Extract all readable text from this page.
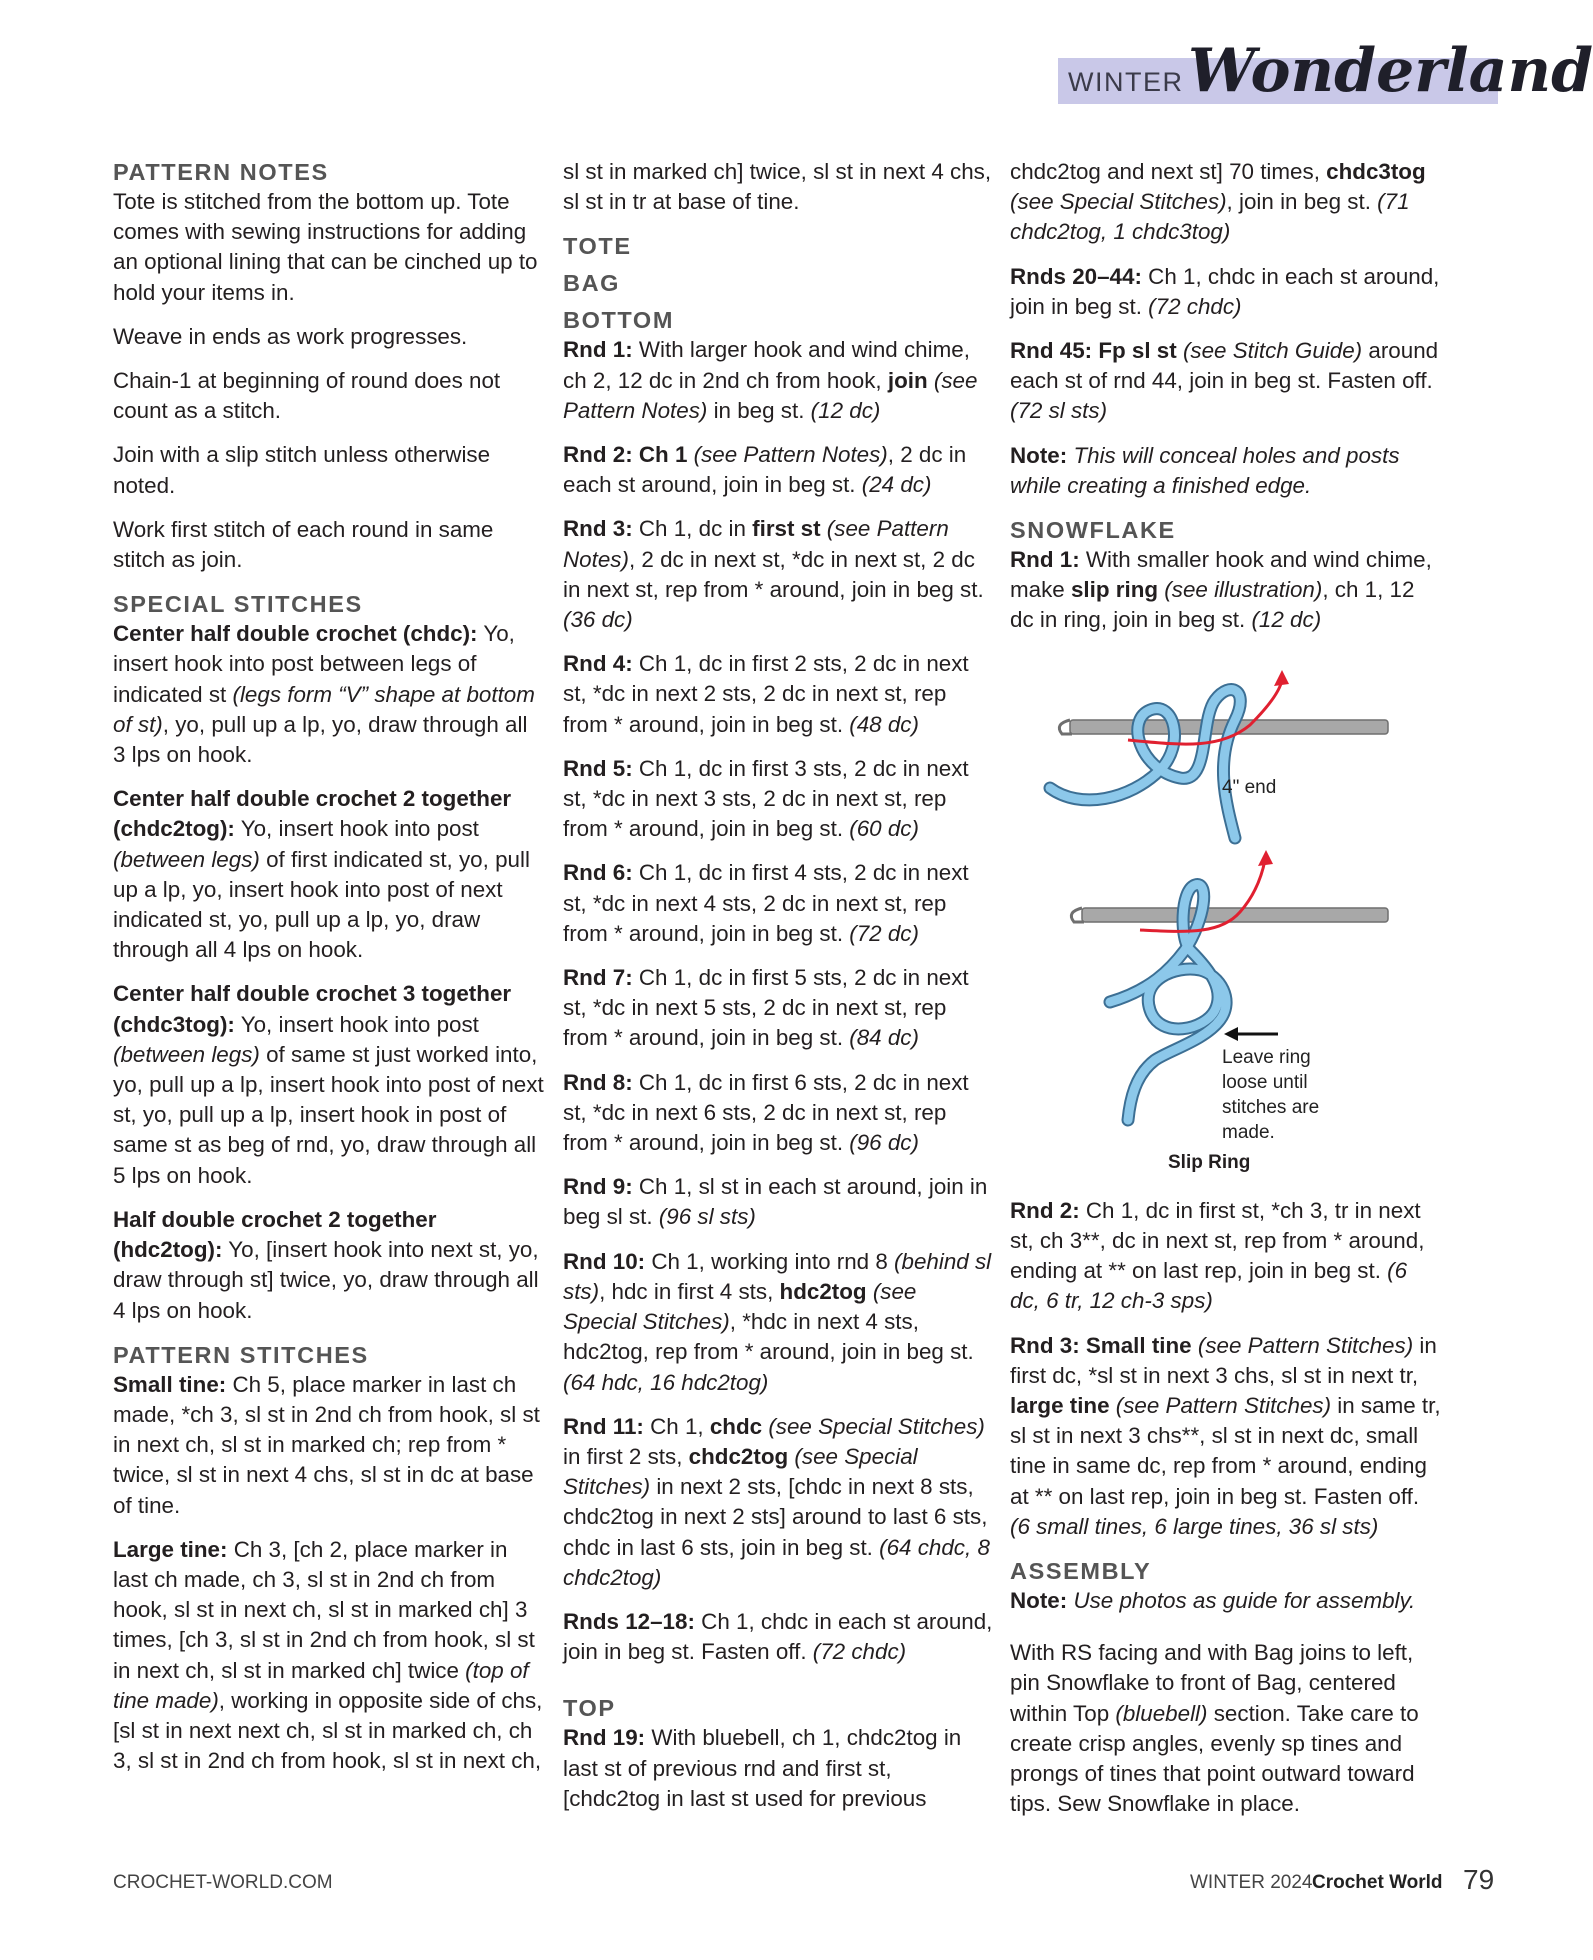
WINTER Wonderland
PATTERN NOTES

Tote is stitched from the bottom up. Tote comes with sewing instructions for adding an optional lining that can be cinched up to hold your items in.

Weave in ends as work progresses.

Chain-1 at beginning of round does not count as a stitch.

Join with a slip stitch unless otherwise noted.

Work first stitch of each round in same stitch as join.

SPECIAL STITCHES

Center half double crochet (chdc): Yo, insert hook into post between legs of indicated st (legs form “V” shape at bottom of st), yo, pull up a lp, yo, draw through all 3 lps on hook.

Center half double crochet 2 together (chdc2tog): Yo, insert hook into post (between legs) of first indicated st, yo, pull up a lp, yo, insert hook into post of next indicated st, yo, pull up a lp, yo, draw through all 4 lps on hook.

Center half double crochet 3 together (chdc3tog): Yo, insert hook into post (between legs) of same st just worked into, yo, pull up a lp, insert hook into post of next st, yo, pull up a lp, insert hook in post of same st as beg of rnd, yo, draw through all 5 lps on hook.

Half double crochet 2 together (hdc2tog): Yo, [insert hook into next st, yo, draw through st] twice, yo, draw through all 4 lps on hook.

PATTERN STITCHES

Small tine: Ch 5, place marker in last ch made, *ch 3, sl st in 2nd ch from hook, sl st in next ch, sl st in marked ch; rep from * twice, sl st in next 4 chs, sl st in dc at base of tine.

Large tine: Ch 3, [ch 2, place marker in last ch made, ch 3, sl st in 2nd ch from hook, sl st in next ch, sl st in marked ch] 3 times, [ch 3, sl st in 2nd ch from hook, sl st in next ch, sl st in marked ch] twice (top of tine made), working in opposite side of chs, [sl st in next next ch, sl st in marked ch, ch 3, sl st in 2nd ch from hook, sl st in next ch,

sl st in marked ch] twice, sl st in next 4 chs, sl st in tr at base of tine.

TOTE
BAG
BOTTOM

Rnd 1: With larger hook and wind chime, ch 2, 12 dc in 2nd ch from hook, join (see Pattern Notes) in beg st. (12 dc)

Rnd 2: Ch 1 (see Pattern Notes), 2 dc in each st around, join in beg st. (24 dc)

Rnd 3: Ch 1, dc in first st (see Pattern Notes), 2 dc in next st, *dc in next st, 2 dc in next st, rep from * around, join in beg st. (36 dc)

Rnd 4: Ch 1, dc in first 2 sts, 2 dc in next st, *dc in next 2 sts, 2 dc in next st, rep from * around, join in beg st. (48 dc)

Rnd 5: Ch 1, dc in first 3 sts, 2 dc in next st, *dc in next 3 sts, 2 dc in next st, rep from * around, join in beg st. (60 dc)

Rnd 6: Ch 1, dc in first 4 sts, 2 dc in next st, *dc in next 4 sts, 2 dc in next st, rep from * around, join in beg st. (72 dc)

Rnd 7: Ch 1, dc in first 5 sts, 2 dc in next st, *dc in next 5 sts, 2 dc in next st, rep from * around, join in beg st. (84 dc)

Rnd 8: Ch 1, dc in first 6 sts, 2 dc in next st, *dc in next 6 sts, 2 dc in next st, rep from * around, join in beg st. (96 dc)

Rnd 9: Ch 1, sl st in each st around, join in beg sl st. (96 sl sts)

Rnd 10: Ch 1, working into rnd 8 (behind sl sts), hdc in first 4 sts, hdc2tog (see Special Stitches), *hdc in next 4 sts, hdc2tog, rep from * around, join in beg st. (64 hdc, 16 hdc2tog)

Rnd 11: Ch 1, chdc (see Special Stitches) in first 2 sts, chdc2tog (see Special Stitches) in next 2 sts, [chdc in next 8 sts, chdc2tog in next 2 sts] around to last 6 sts, chdc in last 6 sts, join in beg st. (64 chdc, 8 chdc2tog)

Rnds 12–18: Ch 1, chdc in each st around, join in beg st. Fasten off. (72 chdc)

TOP

Rnd 19: With bluebell, ch 1, chdc2tog in last st of previous rnd and first st, [chdc2tog in last st used for previous

chdc2tog and next st] 70 times, chdc3tog (see Special Stitches), join in beg st. (71 chdc2tog, 1 chdc3tog)

Rnds 20–44: Ch 1, chdc in each st around, join in beg st. (72 chdc)

Rnd 45: Fp sl st (see Stitch Guide) around each st of rnd 44, join in beg st. Fasten off. (72 sl sts)

Note: This will conceal holes and posts while creating a finished edge.

SNOWFLAKE

Rnd 1: With smaller hook and wind chime, make slip ring (see illustration), ch 1, 12 dc in ring, join in beg st. (12 dc)

4" end
Leave ring
loose until
stitches are
made.

Slip Ring

Rnd 2: Ch 1, dc in first st, *ch 3, tr in next st, ch 3**, dc in next st, rep from * around, ending at ** on last rep, join in beg st. (6 dc, 6 tr, 12 ch-3 sps)

Rnd 3: Small tine (see Pattern Stitches) in first dc, *sl st in next 3 chs, sl st in next tr, large tine (see Pattern Stitches) in same tr, sl st in next 3 chs**, sl st in next dc, small tine in same dc, rep from * around, ending at ** on last rep, join in beg st. Fasten off. (6 small tines, 6 large tines, 36 sl sts)

ASSEMBLY

Note: Use photos as guide for assembly.

With RS facing and with Bag joins to left, pin Snowflake to front of Bag, centered within Top (bluebell) section. Take care to create crisp angles, evenly sp tines and prongs of tines that point outward toward tips. Sew Snowflake in place.

CROCHET-WORLD.COM	WINTER 2024 Crochet World 79
